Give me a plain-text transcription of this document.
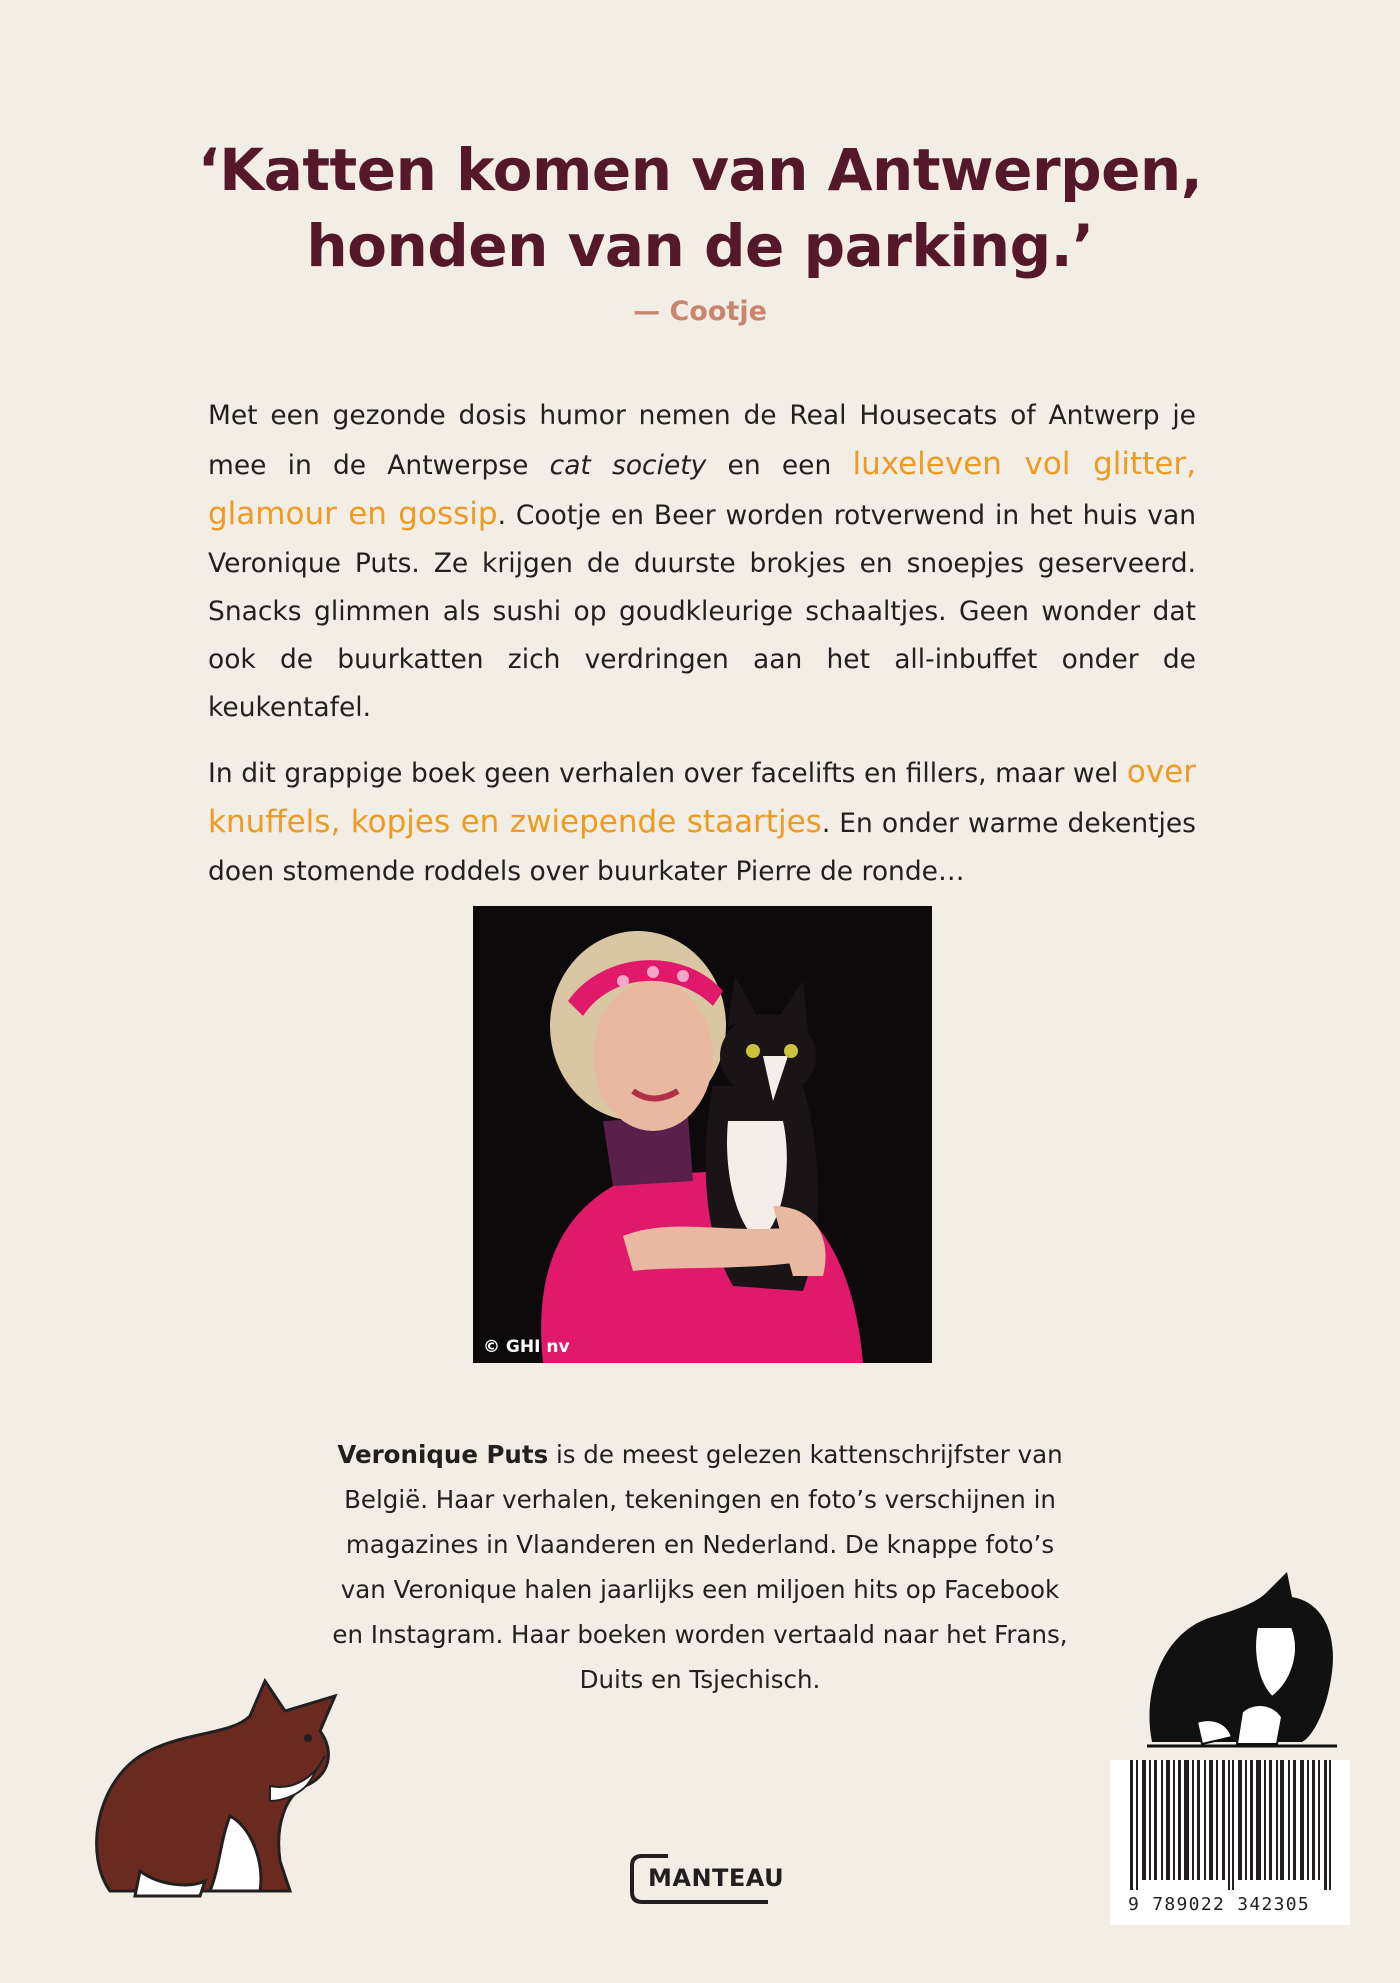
‘Katten komen van Antwerpen,
honden van de parking.’
— Cootje

Met een gezonde dosis humor nemen de Real Housecats of Antwerp je mee in de Antwerpse cat society en een luxeleven vol glitter, glamour en gossip. Cootje en Beer worden rotverwend in het huis van Veronique Puts. Ze krijgen de duurste brokjes en snoepjes geserveerd. Snacks glimmen als sushi op goudkleurige schaaltjes. Geen wonder dat ook de buurkatten zich verdringen aan het all-inbuffet onder de keukentafel.

In dit grappige boek geen verhalen over facelifts en fillers, maar wel over knuffels, kopjes en zwiepende staartjes. En onder warme dekentjes doen stomende roddels over buurkater Pierre de ronde…

© GHI nv
Veronique Puts is de meest gelezen kattenschrijfster van België. Haar verhalen, tekeningen en foto’s verschijnen in magazines in Vlaanderen en Nederland. De knappe foto’s van Veronique halen jaarlijks een miljoen hits op Facebook en Instagram. Haar boeken worden vertaald naar het Frans, Duits en Tsjechisch.
9 789022 342305
MANTEAU
